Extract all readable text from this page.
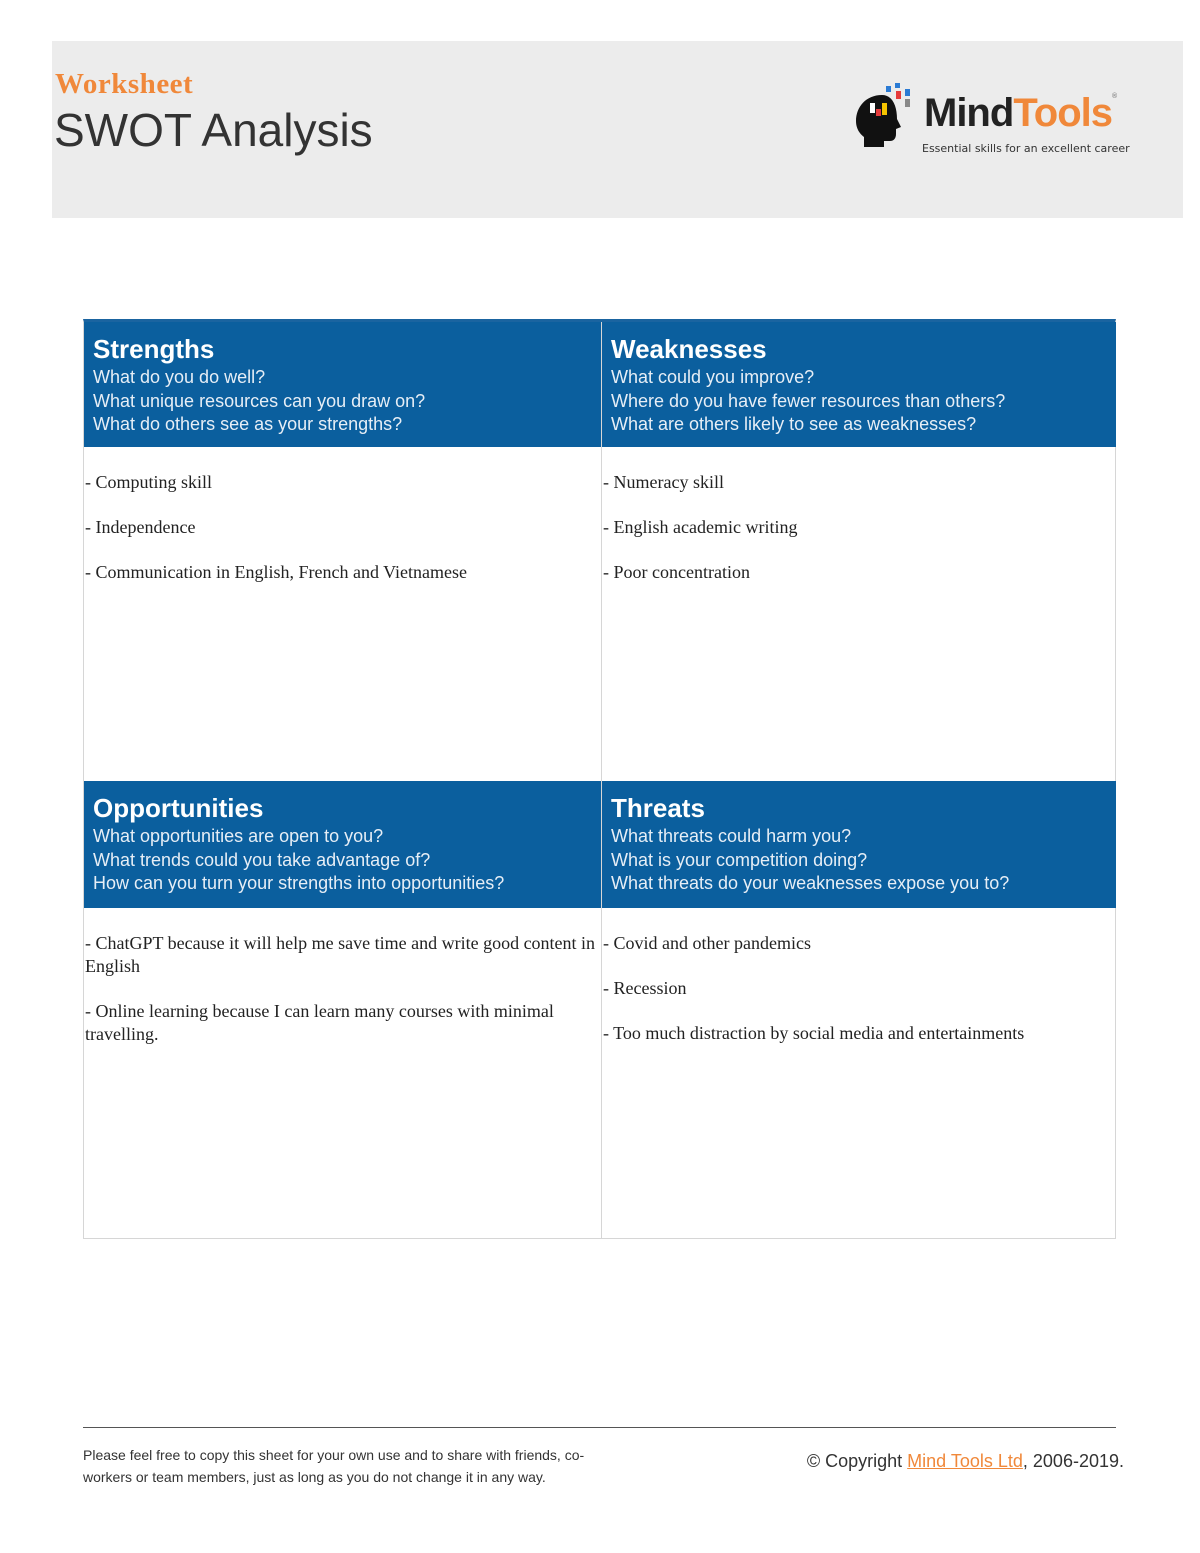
Worksheet
SWOT Analysis	MindTools®
Essential skills for an excellent career
Strengths
What do you do well?
What unique resources can you draw on?
What do others see as your strengths?
- Computing skill
- Independence
- Communication in English, French and Vietnamese
Weaknesses
What could you improve?
Where do you have fewer resources than others?
What are others likely to see as weaknesses?
- Numeracy skill
- English academic writing
- Poor concentration
Opportunities
What opportunities are open to you?
What trends could you take advantage of?
How can you turn your strengths into opportunities?
- ChatGPT because it will help me save time and write good content in English
- Online learning because I can learn many courses with minimal travelling.
Threats
What threats could harm you?
What is your competition doing?
What threats do your weaknesses expose you to?
- Covid and other pandemics
- Recession
- Too much distraction by social media and entertainments
Please feel free to copy this sheet for your own use and to share with friends, co-workers or team members, just as long as you do not change it in any way.
© Copyright Mind Tools Ltd, 2006-2019.
